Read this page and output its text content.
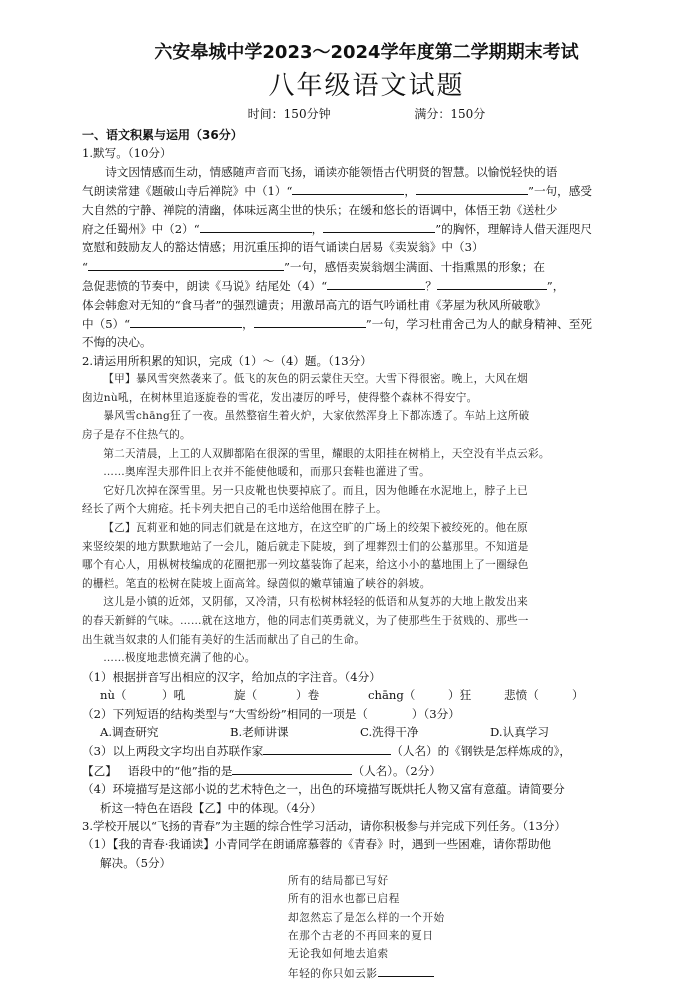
六安皋城中学2023～2024学年度第二学期期末考试

八年级语文试题

时间：150分钟	满分：150分

一、语文积累与运用（36分）

1.默写。（10分）

诗文因情感而生动，情感随声音而飞扬，诵读亦能领悟古代明贤的智慧。以愉悦轻快的语

气朗读常建《题破山寺后禅院》中（1）“	，	”一句，感受

大自然的宁静、禅院的清幽，体味远离尘世的快乐；在缓和悠长的语调中，体悟王勃《送杜少

府之任蜀州》中（2）“	，	”的胸怀，理解诗人借天涯咫尺

宽慰和鼓励友人的豁达情感；用沉重压抑的语气诵读白居易《卖炭翁》中（3）

“	”一句，感悟卖炭翁烟尘满面、十指熏黑的形象；在

急促悲愤的节奏中，朗读《马说》结尾处（4）“	？	”，

体会韩愈对无知的“食马者”的强烈谴责；用激昂高亢的语气吟诵杜甫《茅屋为秋风所破歌》

中（5）“	，	”一句，学习杜甫舍己为人的献身精神、至死

不悔的决心。

2.请运用所积累的知识，完成（1）～（4）题。（13分）

【甲】暴风雪突然袭来了。低飞的灰色的阴云蒙住天空。大雪下得很密。晚上，大风在烟

囱边nù吼，在树林里追逐旋卷的雪花，发出凄厉的呼号，使得整个森林不得安宁。

暴风雪chāng狂了一夜。虽然整宿生着火炉，大家依然浑身上下都冻透了。车站上这所破

房子是存不住热气的。

第二天清晨，上工的人双脚都陷在很深的雪里，耀眼的太阳挂在树梢上，天空没有半点云彩。

……奥库涅夫那件旧上衣并不能使他暖和，而那只套鞋也灌进了雪。

它好几次掉在深雪里。另一只皮靴也快要掉底了。而且，因为他睡在水泥地上，脖子上已

经长了两个大痈疮。托卡列夫把自己的毛巾送给他围在脖子上。

【乙】瓦莉亚和她的同志们就是在这地方，在这空旷的广场上的绞架下被绞死的。他在原

来竖绞架的地方默默地站了一会儿，随后就走下陡坡，到了埋葬烈士们的公墓那里。不知道是

哪个有心人，用枞树枝编成的花圈把那一列坟墓装饰了起来，给这小小的墓地围上了一圈绿色

的栅栏。笔直的松树在陡坡上面高耸。绿茵似的嫩草铺遍了峡谷的斜坡。

这儿是小镇的近郊，又阴郁，又冷清，只有松树林轻轻的低语和从复苏的大地上散发出来

的春天新鲜的气味。……就在这地方，他的同志们英勇就义，为了使那些生于贫贱的、那些一

出生就当奴隶的人们能有美好的生活而献出了自己的生命。

……极度地悲愤充满了他的心。

（1）根据拼音写出相应的汉字，给加点的字注音。（4分）

nù（	）吼	旋（	）卷	chāng（	）狂	悲愤（	）

（2）下列短语的结构类型与“大雪纷纷”相同的一项是（	）（3分）

A.调查研究	B.老师讲课	C.洗得干净	D.认真学习

（3）以上两段文字均出自苏联作家	（人名）的《钢铁是怎样炼成的》，

【乙】 语段中的“他”指的是	（人名）。（2分）

（4）环境描写是这部小说的艺术特色之一，出色的环境描写既烘托人物又富有意蕴。请简要分

析这一特色在语段【乙】中的体现。（4分）

3.学校开展以“飞扬的青春”为主题的综合性学习活动，请你积极参与并完成下列任务。（13分）

（1）【我的青春·我诵读】小青同学在朗诵席慕蓉的《青春》时，遇到一些困难，请你帮助他

解决。（5分）

所有的结局都已写好

所有的泪水也都已启程

却忽然忘了是怎么样的一个开始

在那个古老的不再回来的夏日

无论我如何地去追索

年轻的你只如云影
